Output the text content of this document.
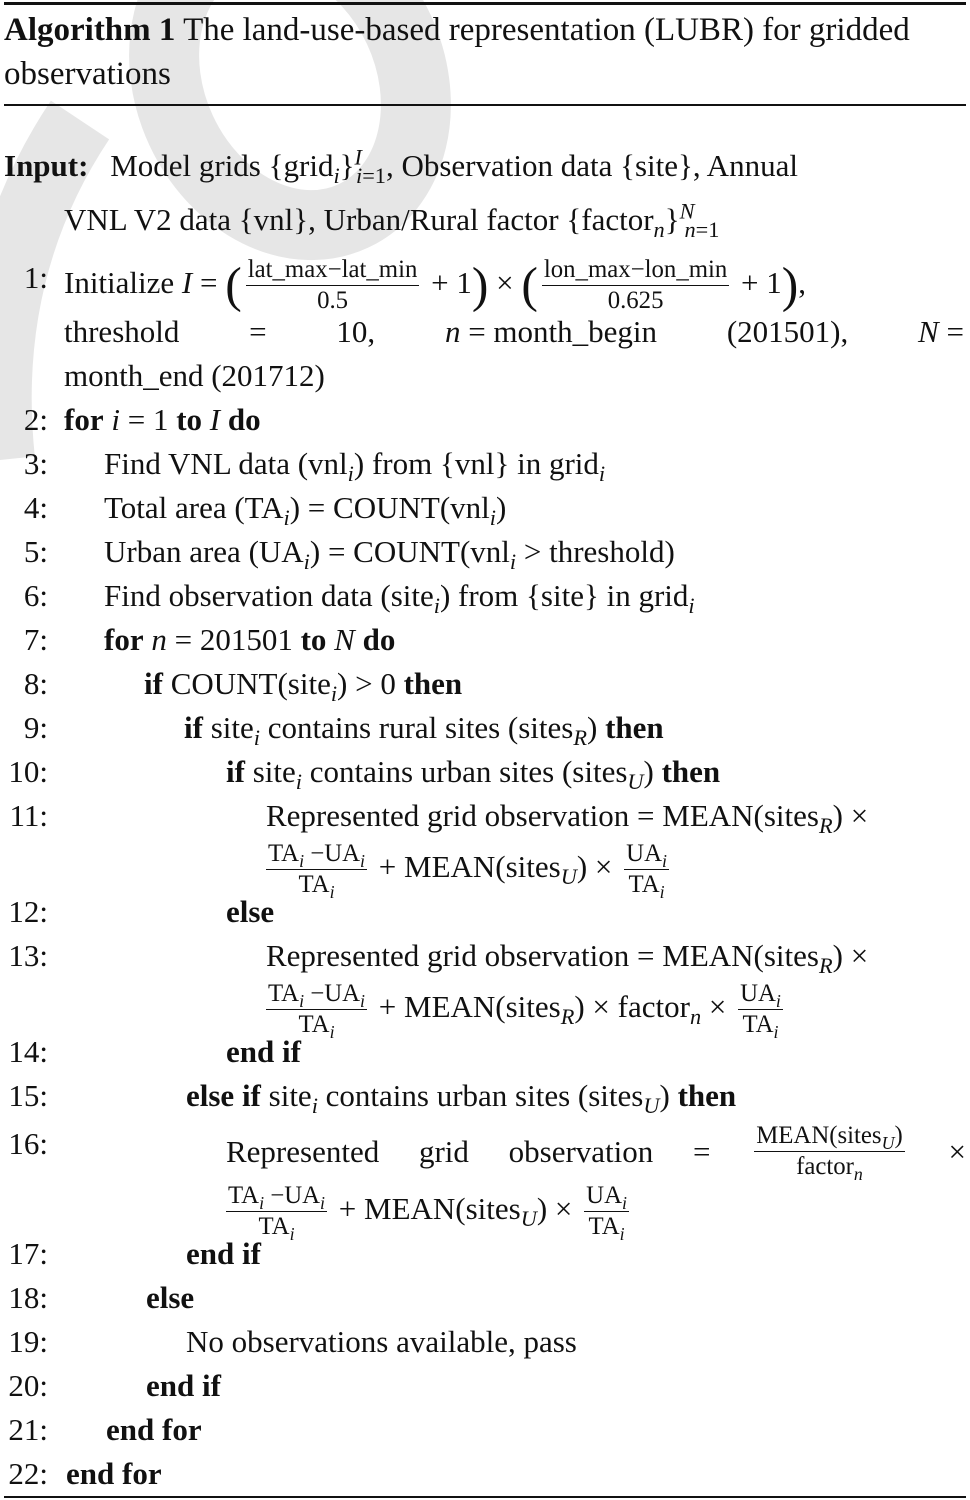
Algorithm 1 The land-use-based representation (LUBR) for gridded observations
Input: Model grids {grid$_i$}$^I_{i=1}$, Observation data {site}, Annual
VNL V2 data {vnl}, Urban/Rural factor {factor$_n$}$^N_{n=1}$
1: Initialize I = ( $\frac{\text{lat\_max−lat\_min}}{0.5} + 1$) × ( $\frac{\text{lon\_max−lon\_min}}{0.625} + 1$),
threshold = 10, n = month_begin (201501), N =
month_end (201712)
2: for i = 1 to I do
3: Find VNL data (vnl$_i$) from {vnl} in grid$_i$
4: Total area $(TA_i)$ = COUNT(vnl$_i$)
5: Urban area $(UA_i)$ = COUNT(vnl$_i$ > threshold)
6: Find observation data (site$_i$) from {site} in grid$_i$
7: for n = 201501 to N do
8:	if COUNT(site$_i$) > 0 then
9:	if site$_i$ contains rural sites (sites$_R$) then
10:	if site$_i$ contains urban sites (sites$_U$) then
11:	Represented grid observation = MEAN(sites$_R$) ×
$\frac{TA_i -UA_i}{TA_i}$ + MEAN(sites$_U$) × $\frac{UA_i}{TA_i}$
12:	else
13:	Represented grid observation = MEAN(sites$_R$) ×
$\frac{TA_i -UA_i}{TA_i}$ + MEAN(sites$_R$) × factor$_n$ × $\frac{UA_i}{TA_i}$
14:	end if
15:	else if site$_i$ contains urban sites (sites$_U$) then
16:	Represented grid observation = $\frac{MEAN(sites_U)}{factor_n}$ ×
$\frac{TA_i -UA_i}{TA_i}$ + MEAN(sites$_U$) × $\frac{UA_i}{TA_i}$
17:	end if
18:	else
19:	No observations available, pass
20:	end if
21: end for
22: end for
